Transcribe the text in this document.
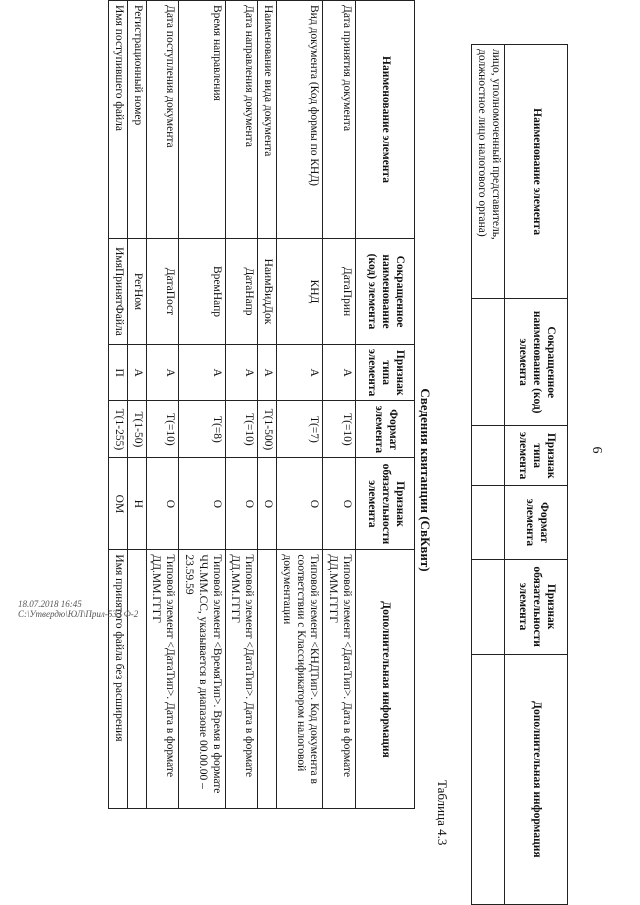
6
Наименование элемента	Сокращенное наименование (код) элемента	Признак типа элемента	Формат элемента	Признак обязательности элемента	Дополнительная информация
лицо, уполномоченный представитель, должностное лицо налогового органа)					
Таблица 4.3
Сведения квитанции (СвКвит)
Наименование элемента	Сокращенное наименование (код) элемента	Признак типа элемента	Формат элемента	Признак обязательности элемента	Дополнительная информация
Дата принятия документа	ДатаПрин	А	Т(=10)	О	Типовой элемент <ДатаТип>. Дата в формате ДД.ММ.ГГГГ
Вид документа (Код формы по КНД)	КНД	А	Т(=7)	О	Типовой элемент <КНДТип>. Код документа в соответствии с Классификатором налоговой документации
Наименование вида документа	НаимВидДок	А	Т(1-500)	О	
Дата направления документа	ДатаНапр	А	Т(=10)	О	Типовой элемент <ДатаТип>. Дата в формате ДД.ММ.ГГГГ
Время направления	ВремНапр	А	Т(=8)	О	Типовой элемент <ВремяТип>. Время в формате ЧЧ.ММ.СС, указывается в диапазоне 00.00.00 – 23.59.59
Дата поступления документа	ДатаПост	А	Т(=10)	О	Типовой элемент <ДатаТип>. Дата в формате ДД.ММ.ГГГГ
Регистрационный номер	РегНом	А	Т(1-50)	Н	
Имя поступившего файла	ИмяПринятФайла	П	Т(1-255)	ОМ	Имя принятого файла без расширения
18.07.2018 16:45
C:\Утвердю\ЮЛ\Прил-533 Ф-2
